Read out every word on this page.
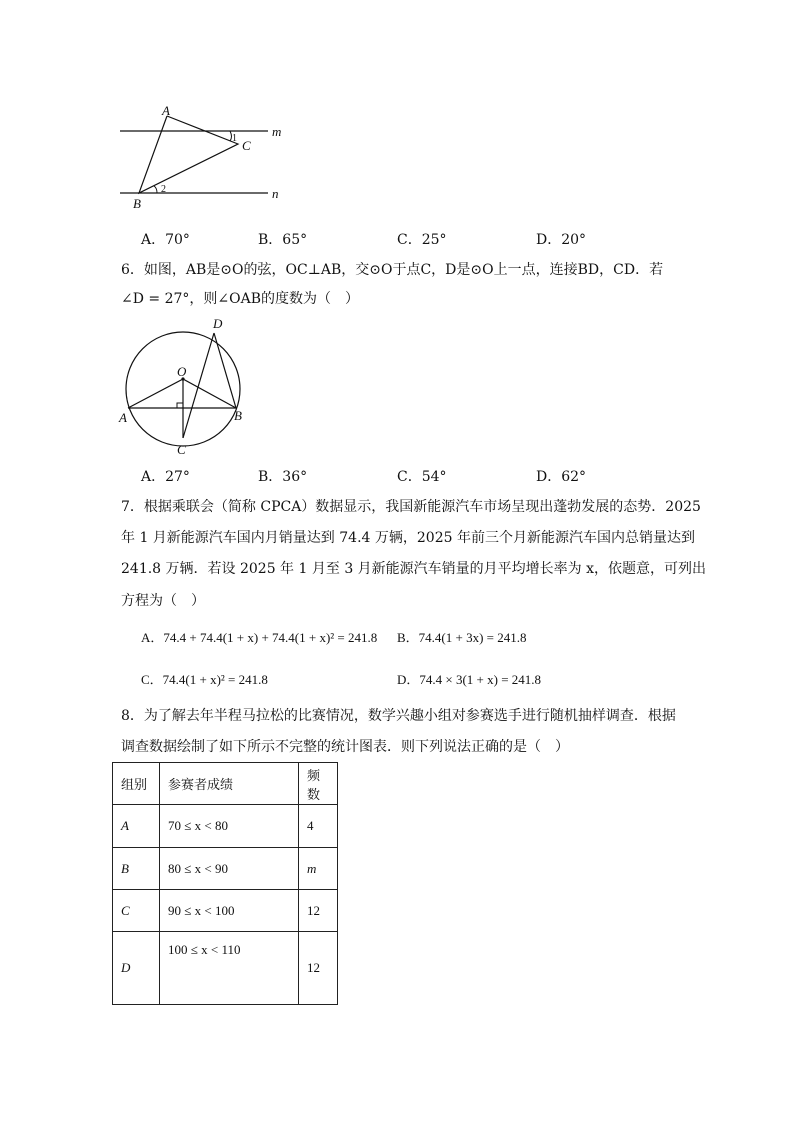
A
B
C
m
n
1
2
A．70°	B．65°	C．25°	D．20°
6．如图，AB是⊙O的弦，OC⊥AB，交⊙O于点C，D是⊙O上一点，连接BD，CD．若
∠D = 27°，则∠OAB的度数为（　）
O
A	B
C
D
A．27°	B．36°	C．54°	D．62°
7．根据乘联会（简称 CPCA）数据显示，我国新能源汽车市场呈现出蓬勃发展的态势．2025
年 1 月新能源汽车国内月销量达到 74.4 万辆，2025 年前三个月新能源汽车国内总销量达到
241.8 万辆．若设 2025 年 1 月至 3 月新能源汽车销量的月平均增长率为 x，依题意，可列出
方程为（　）
A．74.4 + 74.4(1 + x) + 74.4(1 + x)² = 241.8 B．74.4(1 + 3x) = 241.8
C．74.4(1 + x)² = 241.8	D．74.4 × 3(1 + x) = 241.8
8．为了解去年半程马拉松的比赛情况，数学兴趣小组对参赛选手进行随机抽样调查．根据
调查数据绘制了如下所示不完整的统计图表．则下列说法正确的是（　）
组别	参赛者成绩	频数
A	70 ≤ x < 80	4
B	80 ≤ x < 90	m
C	90 ≤ x < 100	12
D	100 ≤ x < 110	12
